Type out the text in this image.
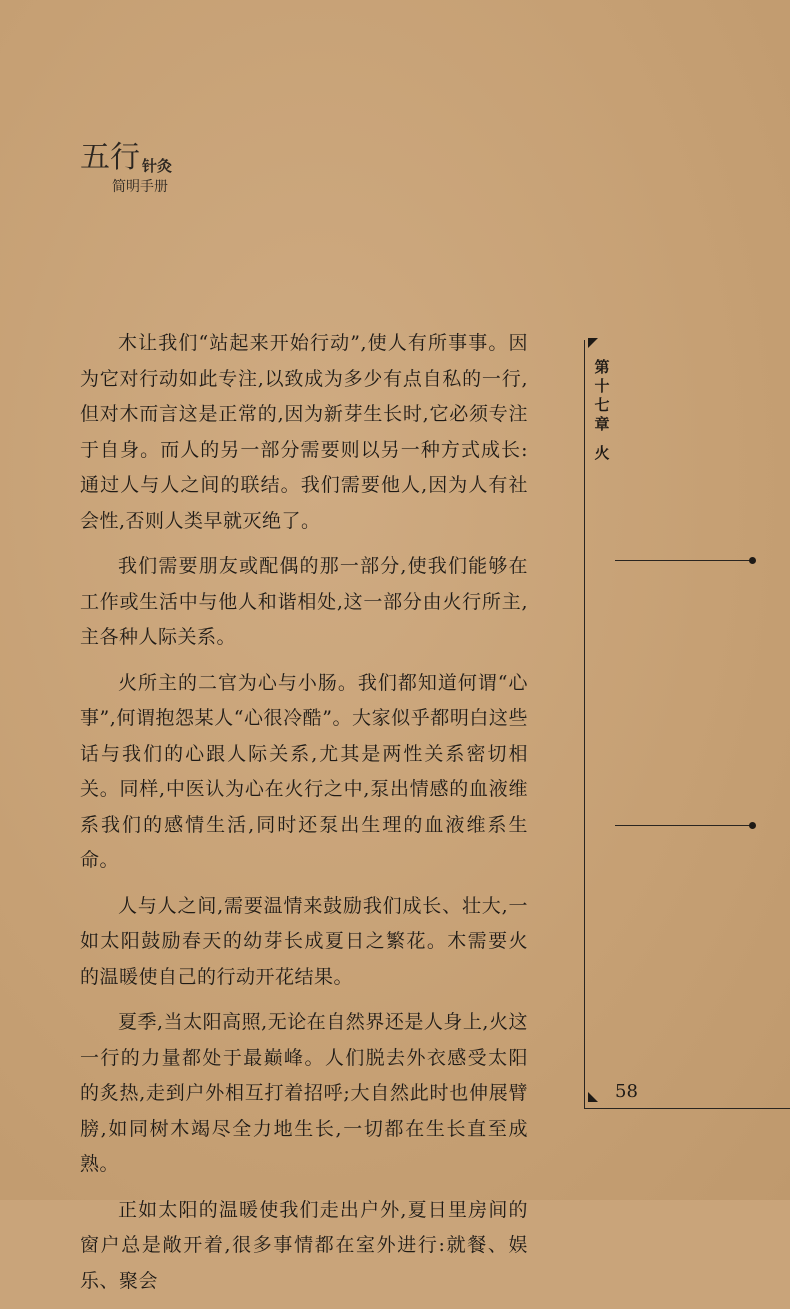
五行 针灸
简明手册

木让我们“站起来开始行动”,使人有所事事。因为它对行动如此专注,以致成为多少有点自私的一行,但对木而言这是正常的,因为新芽生长时,它必须专注于自身。而人的另一部分需要则以另一种方式成长:通过人与人之间的联结。我们需要他人,因为人有社会性,否则人类早就灭绝了。

我们需要朋友或配偶的那一部分,使我们能够在工作或生活中与他人和谐相处,这一部分由火行所主,主各种人际关系。

火所主的二官为心与小肠。我们都知道何谓“心事”,何谓抱怨某人“心很冷酷”。大家似乎都明白这些话与我们的心跟人际关系,尤其是两性关系密切相关。同样,中医认为心在火行之中,泵出情感的血液维系我们的感情生活,同时还泵出生理的血液维系生命。

人与人之间,需要温情来鼓励我们成长、壮大,一如太阳鼓励春天的幼芽长成夏日之繁花。木需要火的温暖使自己的行动开花结果。

夏季,当太阳高照,无论在自然界还是人身上,火这一行的力量都处于最巅峰。人们脱去外衣感受太阳的炙热,走到户外相互打着招呼;大自然此时也伸展臂膀,如同树木竭尽全力地生长,一切都在生长直至成熟。

正如太阳的温暖使我们走出户外,夏日里房间的窗户总是敞开着,很多事情都在室外进行:就餐、娱乐、聚会

第
十
七
章
火
58
